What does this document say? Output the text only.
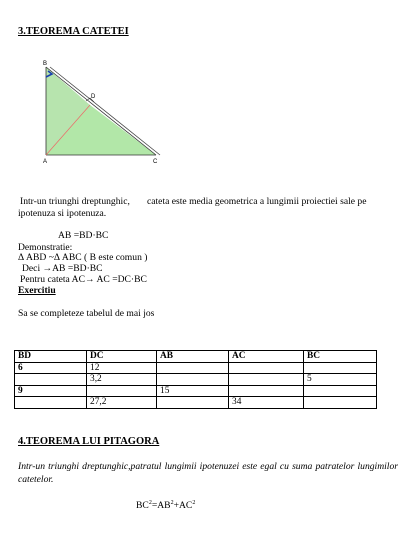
3.TEOREMA CATETEI
B
D
A	C
Intr-un triunghi dreptunghic, cateta este media geometrica a lungimii proiectiei sale pe
ipotenuza si ipotenuza.
AB =BD·BC
Demonstratie:
Δ ABD ~Δ ABC ( B este comun )
Deci →AB =BD·BC
Pentru cateta AC→ AC =DC·BC
Exercitiu
Sa se completeze tabelul de mai jos
BD	DC	AB	AC	BC
6	12			
	3,2			5
9		15		
	27,2		34	
4.TEOREMA LUI PITAGORA
Intr-un triunghi dreptunghic,patratul lungimii ipotenuzei este egal cu suma patratelor lungimilor catetelor.
$BC^2=AB^2+AC^2$
